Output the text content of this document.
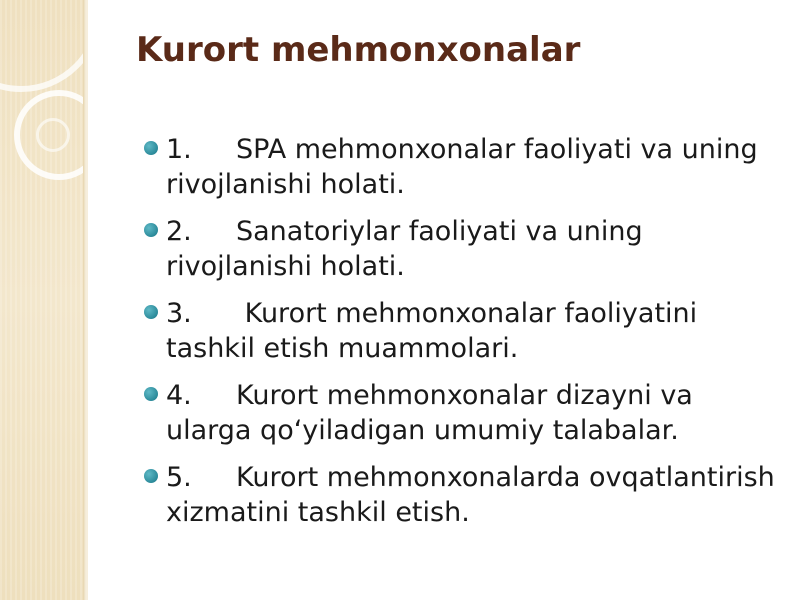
Kurort mehmonxonalar
1. SPA mehmonxonalar faoliyati va uning rivojlanishi holati.
2. Sanatoriylar faoliyati va uning rivojlanishi holati.
3. Kurort mehmonxonalar faoliyatini tashkil etish muammolari.
4. Kurort mehmonxonalar dizayni va ularga qo‘yiladigan umumiy talabalar.
5. Kurort mehmonxonalarda ovqatlantirish xizmatini tashkil etish.
